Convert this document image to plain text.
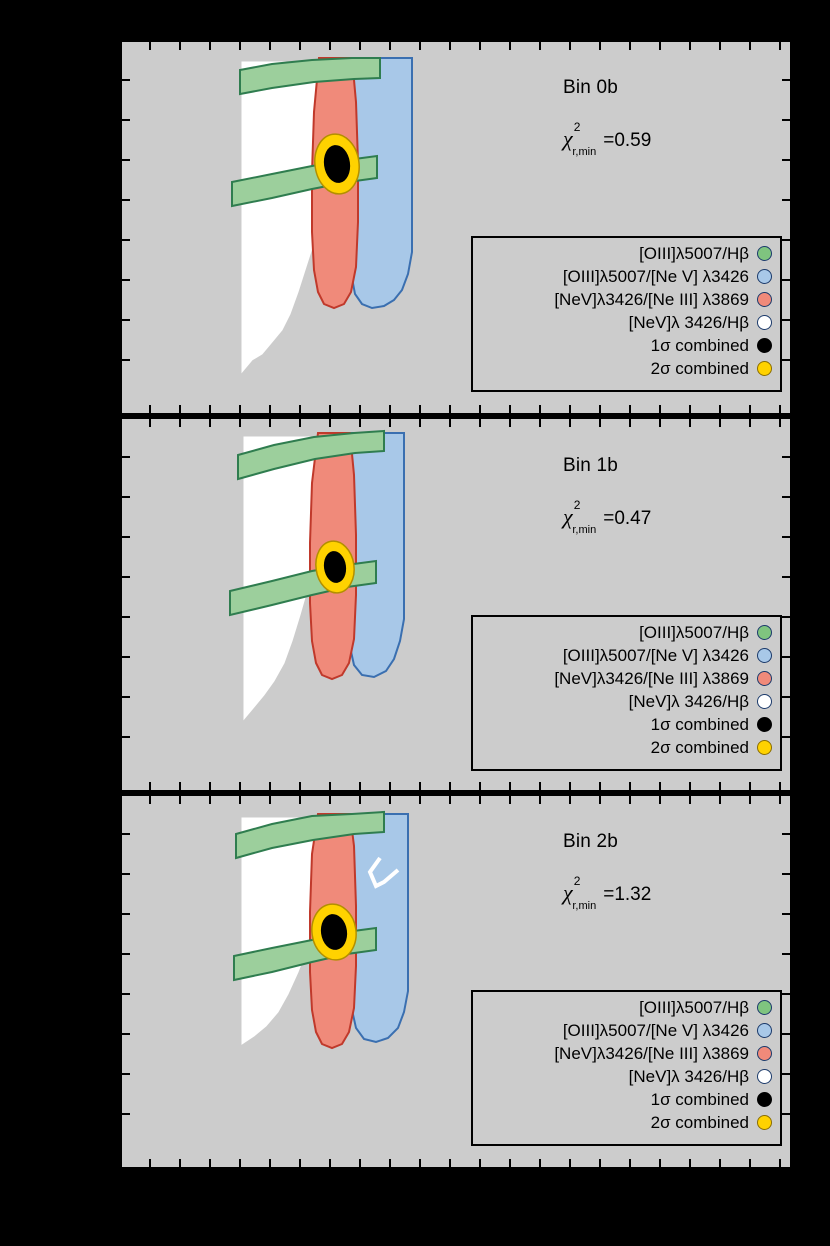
Bin 0b
$\chi^2_{r,min}=0.59$
[OIII]λ5007/Hβ
[OIII]λ5007/[Ne V] λ3426
[NeV]λ3426/[Ne III] λ3869
[NeV]λ 3426/Hβ
1σ combined
2σ combined
Bin 1b
$\chi^2_{r,min}=0.47$
[OIII]λ5007/Hβ
[OIII]λ5007/[Ne V] λ3426
[NeV]λ3426/[Ne III] λ3869
[NeV]λ 3426/Hβ
1σ combined
2σ combined
Bin 2b
$\chi^2_{r,min}=1.32$
[OIII]λ5007/Hβ
[OIII]λ5007/[Ne V] λ3426
[NeV]λ3426/[Ne III] λ3869
[NeV]λ 3426/Hβ
1σ combined
2σ combined
